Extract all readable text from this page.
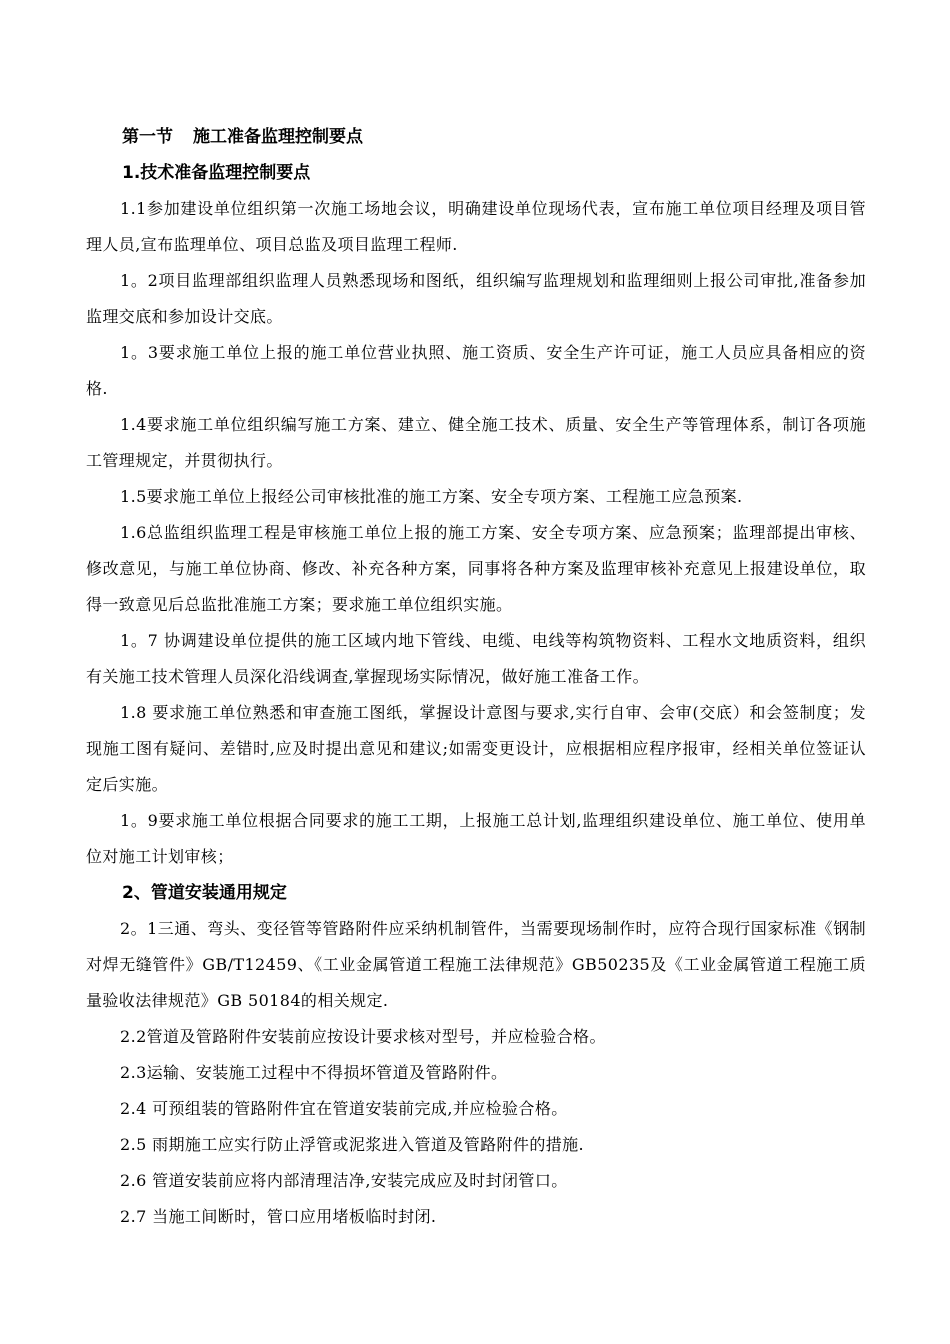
第一节 施工准备监理控制要点

1.技术准备监理控制要点

1.1参加建设单位组织第一次施工场地会议，明确建设单位现场代表，宣布施工单位项目经理及项目管理人员,宣布监理单位、项目总监及项目监理工程师.

1。2项目监理部组织监理人员熟悉现场和图纸，组织编写监理规划和监理细则上报公司审批,准备参加监理交底和参加设计交底。

1。3要求施工单位上报的施工单位营业执照、施工资质、安全生产许可证，施工人员应具备相应的资格.

1.4要求施工单位组织编写施工方案、建立、健全施工技术、质量、安全生产等管理体系，制订各项施工管理规定，并贯彻执行。

1.5要求施工单位上报经公司审核批准的施工方案、安全专项方案、工程施工应急预案.

1.6总监组织监理工程是审核施工单位上报的施工方案、安全专项方案、应急预案；监理部提出审核、修改意见，与施工单位协商、修改、补充各种方案，同事将各种方案及监理审核补充意见上报建设单位，取得一致意见后总监批准施工方案；要求施工单位组织实施。

1。7 协调建设单位提供的施工区域内地下管线、电缆、电线等构筑物资料、工程水文地质资料，组织有关施工技术管理人员深化沿线调查,掌握现场实际情况，做好施工准备工作。

1.8 要求施工单位熟悉和审查施工图纸，掌握设计意图与要求,实行自审、会审(交底）和会签制度；发现施工图有疑问、差错时,应及时提出意见和建议;如需变更设计，应根据相应程序报审，经相关单位签证认定后实施。

1。9要求施工单位根据合同要求的施工工期，上报施工总计划,监理组织建设单位、施工单位、使用单位对施工计划审核；

2、管道安装通用规定

2。1三通、弯头、变径管等管路附件应采纳机制管件，当需要现场制作时，应符合现行国家标准《钢制对焊无缝管件》GB/T12459、《工业金属管道工程施工法律规范》GB50235及《工业金属管道工程施工质量验收法律规范》GB 50184的相关规定.

2.2管道及管路附件安装前应按设计要求核对型号，并应检验合格。

2.3运输、安装施工过程中不得损坏管道及管路附件。

2.4 可预组装的管路附件宜在管道安装前完成,并应检验合格。

2.5 雨期施工应实行防止浮管或泥浆进入管道及管路附件的措施.

2.6 管道安装前应将内部清理洁净,安装完成应及时封闭管口。

2.7 当施工间断时，管口应用堵板临时封闭.
